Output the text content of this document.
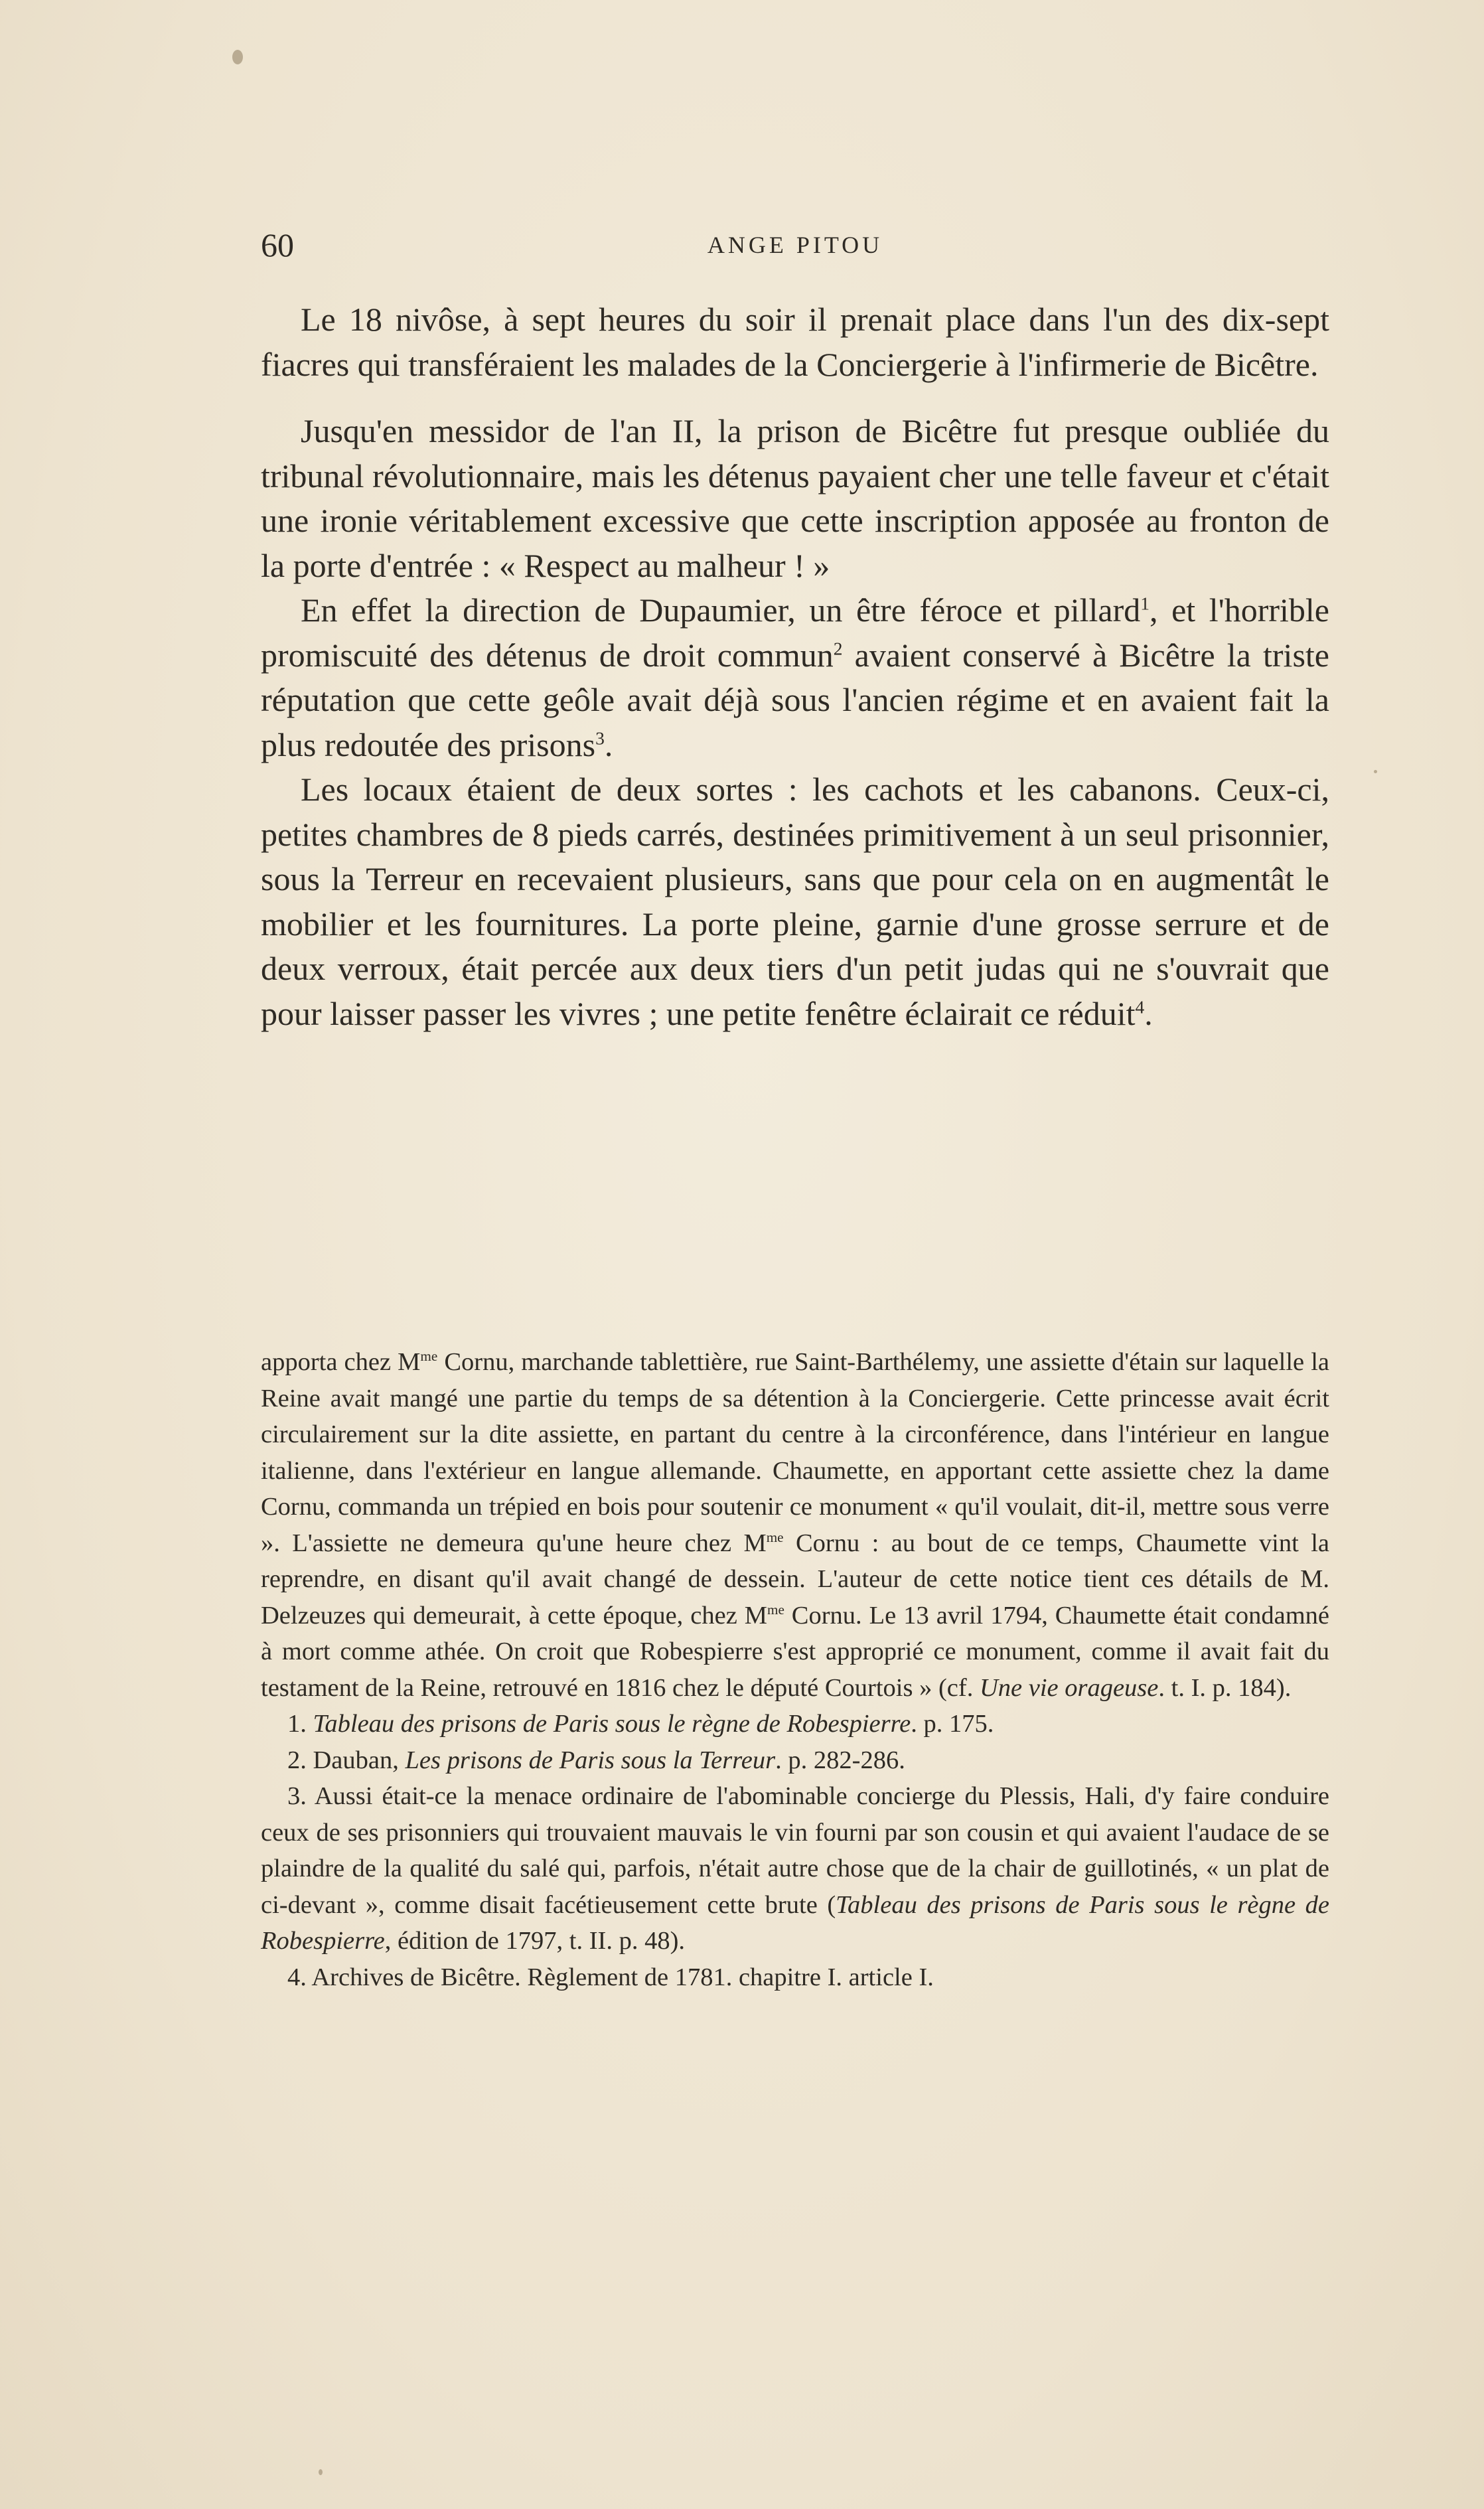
60	ANGE PITOU

Le 18 nivôse, à sept heures du soir il prenait place dans l'un des dix-sept fiacres qui transféraient les malades de la Conciergerie à l'infirmerie de Bicêtre.

Jusqu'en messidor de l'an II, la prison de Bicêtre fut presque oubliée du tribunal révolutionnaire, mais les détenus payaient cher une telle faveur et c'était une ironie véritablement excessive que cette inscription apposée au fronton de la porte d'entrée : « Respect au malheur ! »

En effet la direction de Dupaumier, un être féroce et pillard$^1$, et l'horrible promiscuité des détenus de droit commun$^2$ avaient conservé à Bicêtre la triste réputation que cette geôle avait déjà sous l'ancien régime et en avaient fait la plus redoutée des prisons$^3$.

Les locaux étaient de deux sortes : les cachots et les cabanons. Ceux-ci, petites chambres de 8 pieds carrés, destinées primitivement à un seul prisonnier, sous la Terreur en recevaient plusieurs, sans que pour cela on en augmentât le mobilier et les fournitures. La porte pleine, garnie d'une grosse serrure et de deux verroux, était percée aux deux tiers d'un petit judas qui ne s'ouvrait que pour laisser passer les vivres ; une petite fenêtre éclairait ce réduit$^4$.

apporta chez $M^{me}$ Cornu, marchande tablettière, rue Saint-Barthélemy, une assiette d'étain sur laquelle la Reine avait mangé une partie du temps de sa détention à la Conciergerie. Cette princesse avait écrit circulairement sur la dite assiette, en partant du centre à la circonférence, dans l'intérieur en langue italienne, dans l'extérieur en langue allemande. Chaumette, en apportant cette assiette chez la dame Cornu, commanda un trépied en bois pour soutenir ce monument « qu'il voulait, dit-il, mettre sous verre ». L'assiette ne demeura qu'une heure chez $M^{me}$ Cornu : au bout de ce temps, Chaumette vint la reprendre, en disant qu'il avait changé de dessein. L'auteur de cette notice tient ces détails de M. Delzeuzes qui demeurait, à cette époque, chez $M^{me}$ Cornu. Le 13 avril 1794, Chaumette était condamné à mort comme athée. On croit que Robespierre s'est approprié ce monument, comme il avait fait du testament de la Reine, retrouvé en 1816 chez le député Courtois » (cf. Une vie orageuse. t. I. p. 184).

1. Tableau des prisons de Paris sous le règne de Robespierre. p. 175.

2. Dauban, Les prisons de Paris sous la Terreur. p. 282-286.

3. Aussi était-ce la menace ordinaire de l'abominable concierge du Plessis, Hali, d'y faire conduire ceux de ses prisonniers qui trouvaient mauvais le vin fourni par son cousin et qui avaient l'audace de se plaindre de la qualité du salé qui, parfois, n'était autre chose que de la chair de guillotinés, « un plat de ci-devant », comme disait facétieusement cette brute (Tableau des prisons de Paris sous le règne de Robespierre, édition de 1797, t. II. p. 48).

4. Archives de Bicêtre. Règlement de 1781. chapitre I. article I.
